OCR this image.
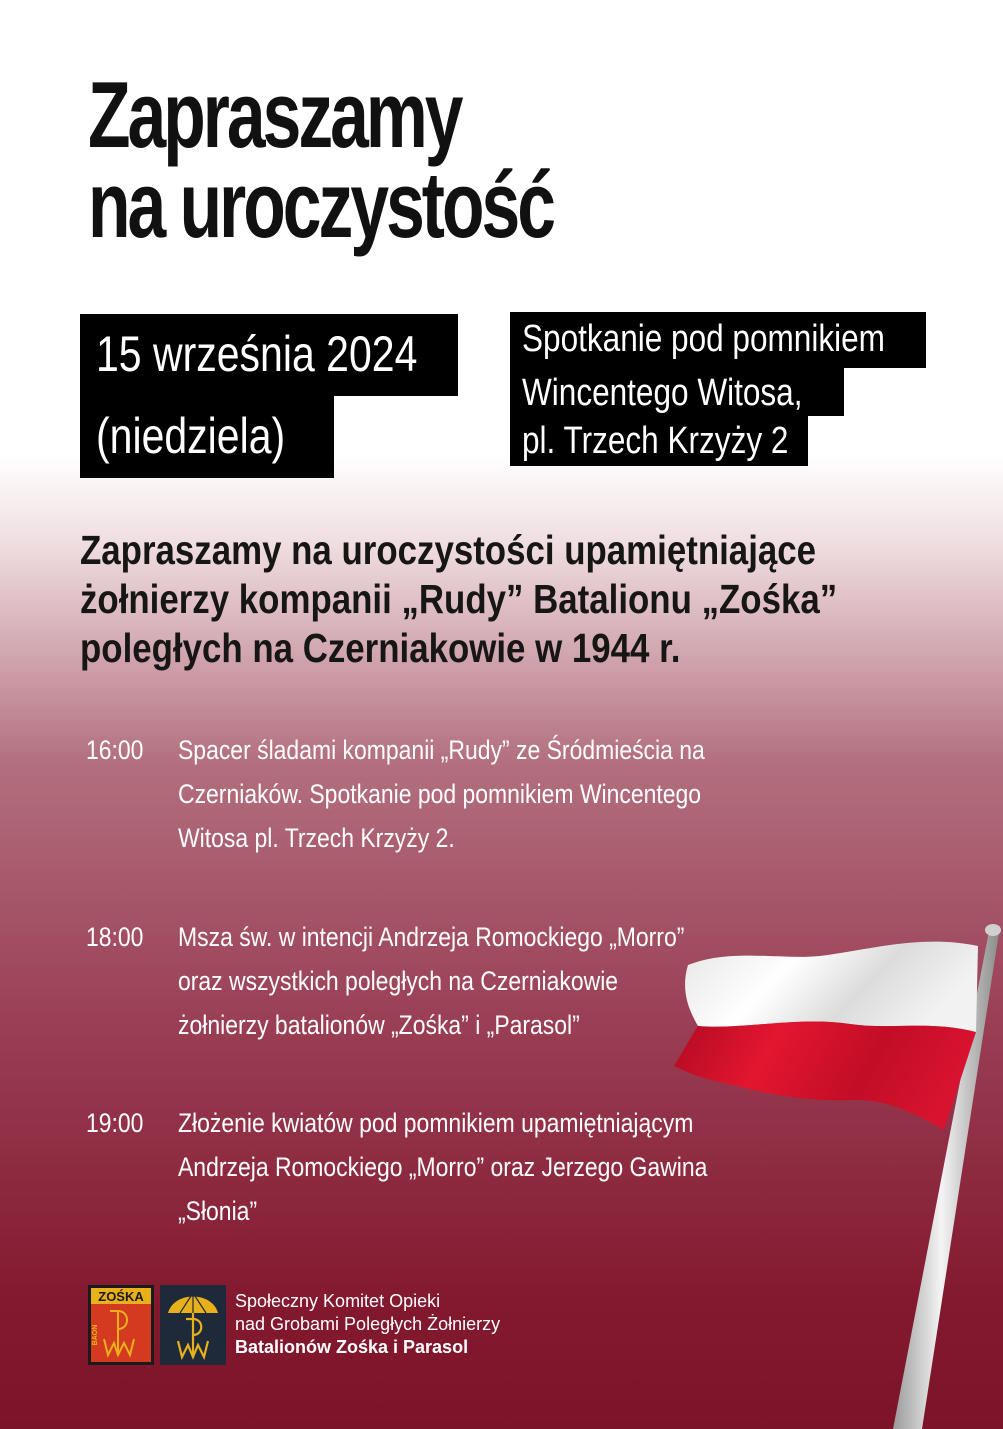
Zapraszamy
na uroczystość
15 września 2024
(niedziela)
Spotkanie pod pomnikiem
Wincentego Witosa,
pl. Trzech Krzyży 2
Zapraszamy na uroczystości upamiętniające
żołnierzy kompanii „Rudy” Batalionu „Zośka”
poległych na Czerniakowie w 1944 r.
16:00 Spacer śladami kompanii „Rudy” ze Śródmieścia na
Czerniaków. Spotkanie pod pomnikiem Wincentego
Witosa pl. Trzech Krzyży 2.
18:00 Msza św. w intencji Andrzeja Romockiego „Morro”
oraz wszystkich poległych na Czerniakowie
żołnierzy batalionów „Zośka” i „Parasol”
19:00 Złożenie kwiatów pod pomnikiem upamiętniającym
Andrzeja Romockiego „Morro” oraz Jerzego Gawina
„Słonia”
ZOŚKA
BAON
Społeczny Komitet Opieki
nad Grobami Poległych Żołnierzy
Batalionów Zośka i Parasol
